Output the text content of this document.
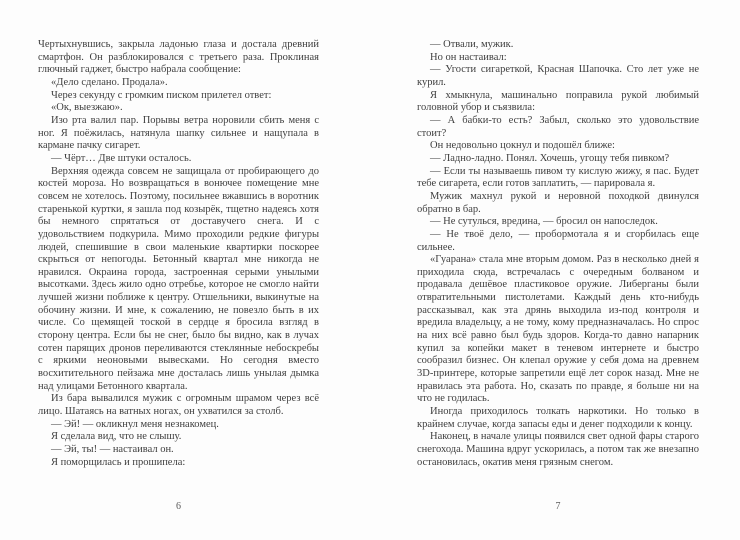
Чертыхнувшись, закрыла ладонью глаза и достала древний смартфон. Он разблокировался с третьего раза. Проклиная глючный гаджет, быстро набрала сообщение:

«Дело сделано. Продала».

Через секунду с громким писком прилетел ответ:

«Ок, выезжаю».

Изо рта валил пар. Порывы ветра норовили сбить меня с ног. Я поёжилась, натянула шапку сильнее и нащупала в кармане пачку сигарет.

— Чёрт… Две штуки осталось.

Верхняя одежда совсем не защищала от пробирающего до костей мороза. Но возвращаться в вонючее помещение мне совсем не хотелось. Поэтому, посильнее вжавшись в воротник старенькой куртки, я зашла под козырёк, тщетно надеясь хотя бы немного спрятаться от доставучего снега. И с удовольствием подкурила. Мимо проходили редкие фигуры людей, спешившие в свои маленькие квартирки поскорее скрыться от непогоды. Бетонный квартал мне никогда не нравился. Окраина города, застроенная серыми унылыми высотками. Здесь жило одно отребье, которое не смогло найти лучшей жизни поближе к центру. Отшельники, выкинутые на обочину жизни. И мне, к сожалению, не повезло быть в их числе. Со щемящей тоской в сердце я бросила взгляд в сторону центра. Если бы не снег, было бы видно, как в лучах сотен парящих дронов переливаются стеклянные небоскребы с яркими неоновыми вывесками. Но сегодня вместо восхитительного пейзажа мне досталась лишь унылая дымка над улицами Бетонного квартала.

Из бара вывалился мужик с огромным шрамом через всё лицо. Шатаясь на ватных ногах, он ухватился за столб.

— Эй! — окликнул меня незнакомец.

Я сделала вид, что не слышу.

— Эй, ты! — настаивал он.

Я поморщилась и прошипела:

— Отвали, мужик.

Но он настаивал:

— Угости сигареткой, Красная Шапочка. Сто лет уже не курил.

Я хмыкнула, машинально поправила рукой любимый головной убор и съязвила:

— А бабки-то есть? Забыл, сколько это удовольствие стоит?

Он недовольно цокнул и подошёл ближе:

— Ладно-ладно. Понял. Хочешь, угощу тебя пивком?

— Если ты называешь пивом ту кислую жижу, я пас. Будет тебе сигарета, если готов заплатить, — парировала я.

Мужик махнул рукой и неровной походкой двинулся обратно в бар.

— Не сутулься, вредина, — бросил он напоследок.

— Не твоё дело, — пробормотала я и сгорбилась еще сильнее.

«Гуарана» стала мне вторым домом. Раз в несколько дней я приходила сюда, встречалась с очередным болваном и продавала дешёвое пластиковое оружие. Либерганы были отвратительными пистолетами. Каждый день кто-нибудь рассказывал, как эта дрянь выходила из-под контроля и вредила владельцу, а не тому, кому предназначалась. Но спрос на них всё равно был будь здоров. Когда-то давно напарник купил за копейки макет в теневом интернете и быстро сообразил бизнес. Он клепал оружие у себя дома на древнем 3D-принтере, которые запретили ещё лет сорок назад. Мне не нравилась эта работа. Но, сказать по правде, я больше ни на что не годилась.

Иногда приходилось толкать наркотики. Но только в крайнем случае, когда запасы еды и денег подходили к концу.

Наконец, в начале улицы появился свет одной фары старого снегохода. Машина вдруг ускорилась, а потом так же внезапно остановилась, окатив меня грязным снегом.

6	7
